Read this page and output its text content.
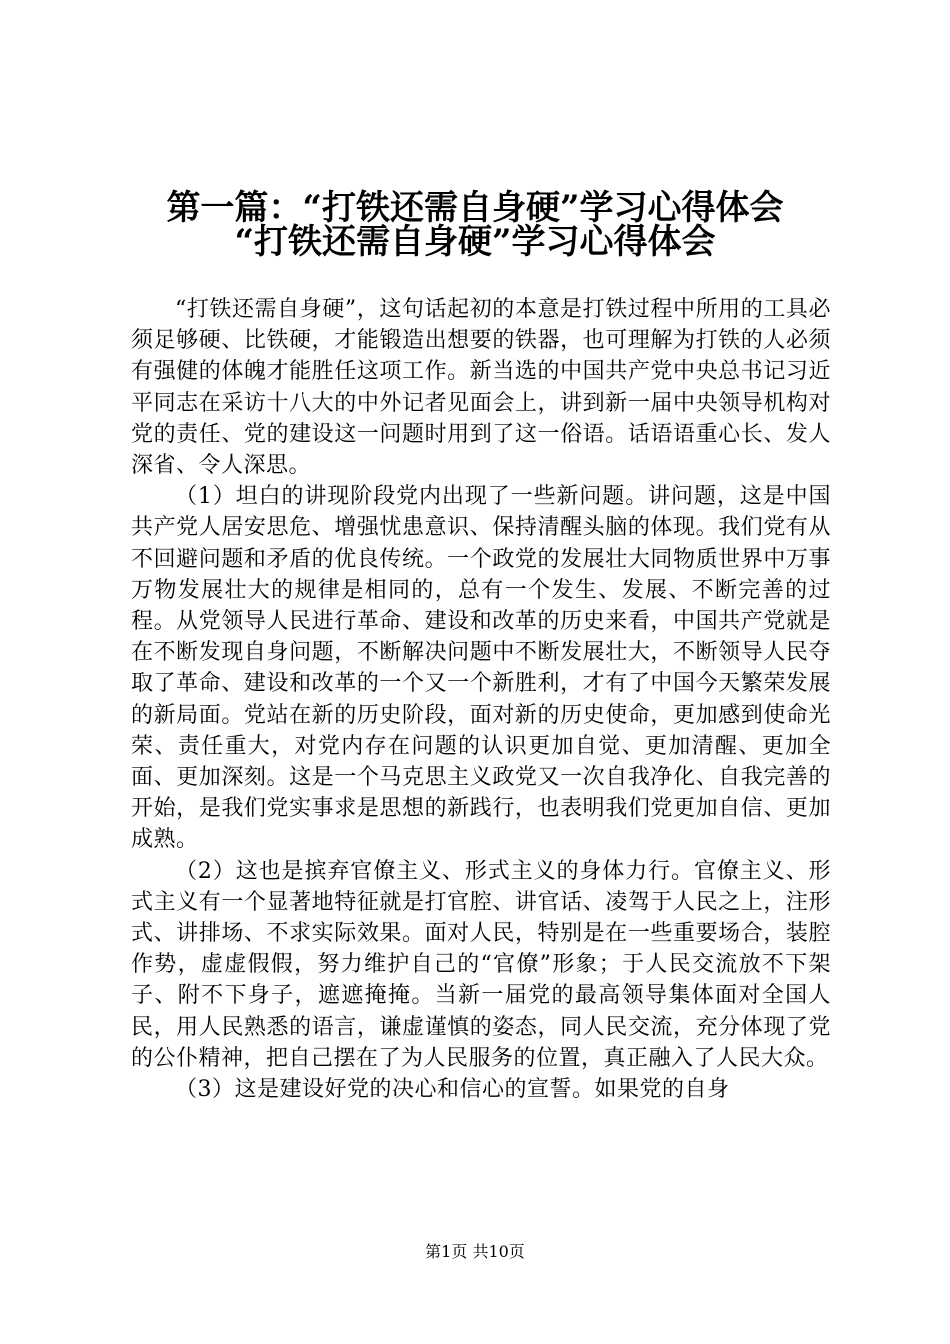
第一篇：“打铁还需自身硬”学习心得体会
“打铁还需自身硬”学习心得体会

“打铁还需自身硬”，这句话起初的本意是打铁过程中所用的工具必须足够硬、比铁硬，才能锻造出想要的铁器，也可理解为打铁的人必须有强健的体魄才能胜任这项工作。新当选的中国共产党中央总书记习近平同志在采访十八大的中外记者见面会上，讲到新一届中央领导机构对党的责任、党的建设这一问题时用到了这一俗语。话语语重心长、发人深省、令人深思。

（1）坦白的讲现阶段党内出现了一些新问题。讲问题，这是中国共产党人居安思危、增强忧患意识、保持清醒头脑的体现。我们党有从不回避问题和矛盾的优良传统。一个政党的发展壮大同物质世界中万事万物发展壮大的规律是相同的，总有一个发生、发展、不断完善的过程。从党领导人民进行革命、建设和改革的历史来看，中国共产党就是在不断发现自身问题，不断解决问题中不断发展壮大，不断领导人民夺取了革命、建设和改革的一个又一个新胜利，才有了中国今天繁荣发展的新局面。党站在新的历史阶段，面对新的历史使命，更加感到使命光荣、责任重大，对党内存在问题的认识更加自觉、更加清醒、更加全面、更加深刻。这是一个马克思主义政党又一次自我净化、自我完善的开始，是我们党实事求是思想的新践行，也表明我们党更加自信、更加成熟。

（2）这也是摈弃官僚主义、形式主义的身体力行。官僚主义、形式主义有一个显著地特征就是打官腔、讲官话、凌驾于人民之上，注形式、讲排场、不求实际效果。面对人民，特别是在一些重要场合，装腔作势，虚虚假假，努力维护自己的“官僚”形象；于人民交流放不下架子、附不下身子，遮遮掩掩。当新一届党的最高领导集体面对全国人民，用人民熟悉的语言，谦虚谨慎的姿态，同人民交流，充分体现了党的公仆精神，把自己摆在了为人民服务的位置，真正融入了人民大众。

（3）这是建设好党的决心和信心的宣誓。如果党的自身

第1页 共10页
